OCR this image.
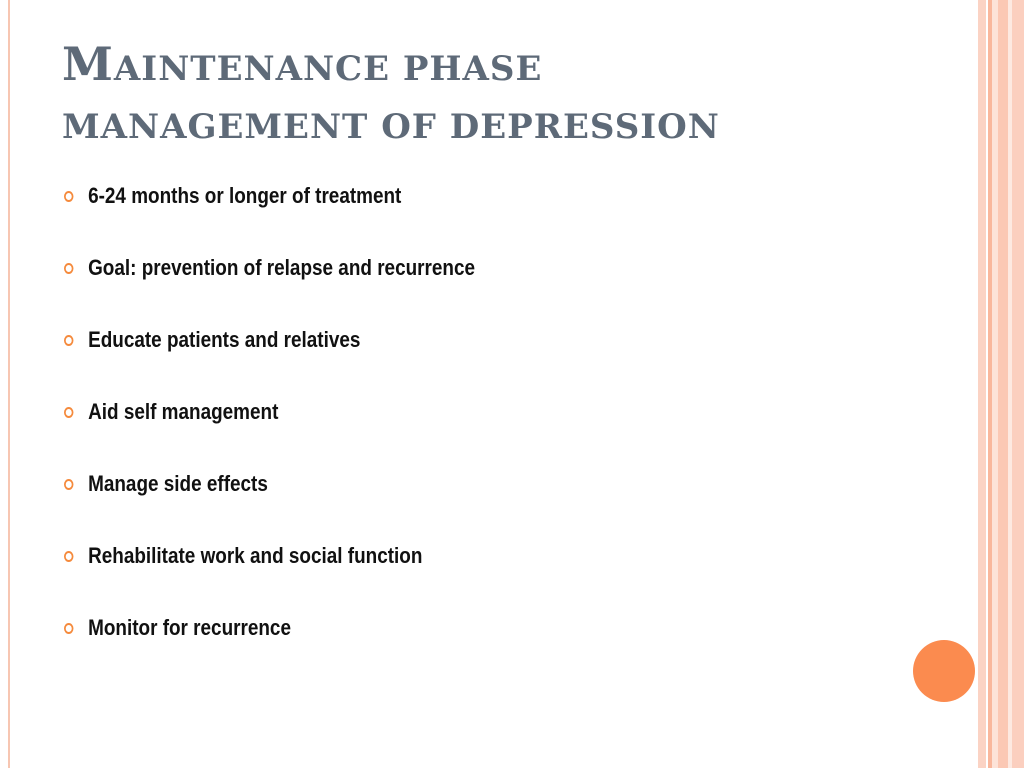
MAINTENANCE PHASE
MANAGEMENT OF DEPRESSION
6-24 months or longer of treatment
Goal: prevention of relapse and recurrence
Educate patients and relatives
Aid self management
Manage side effects
Rehabilitate work and social function
Monitor for recurrence
